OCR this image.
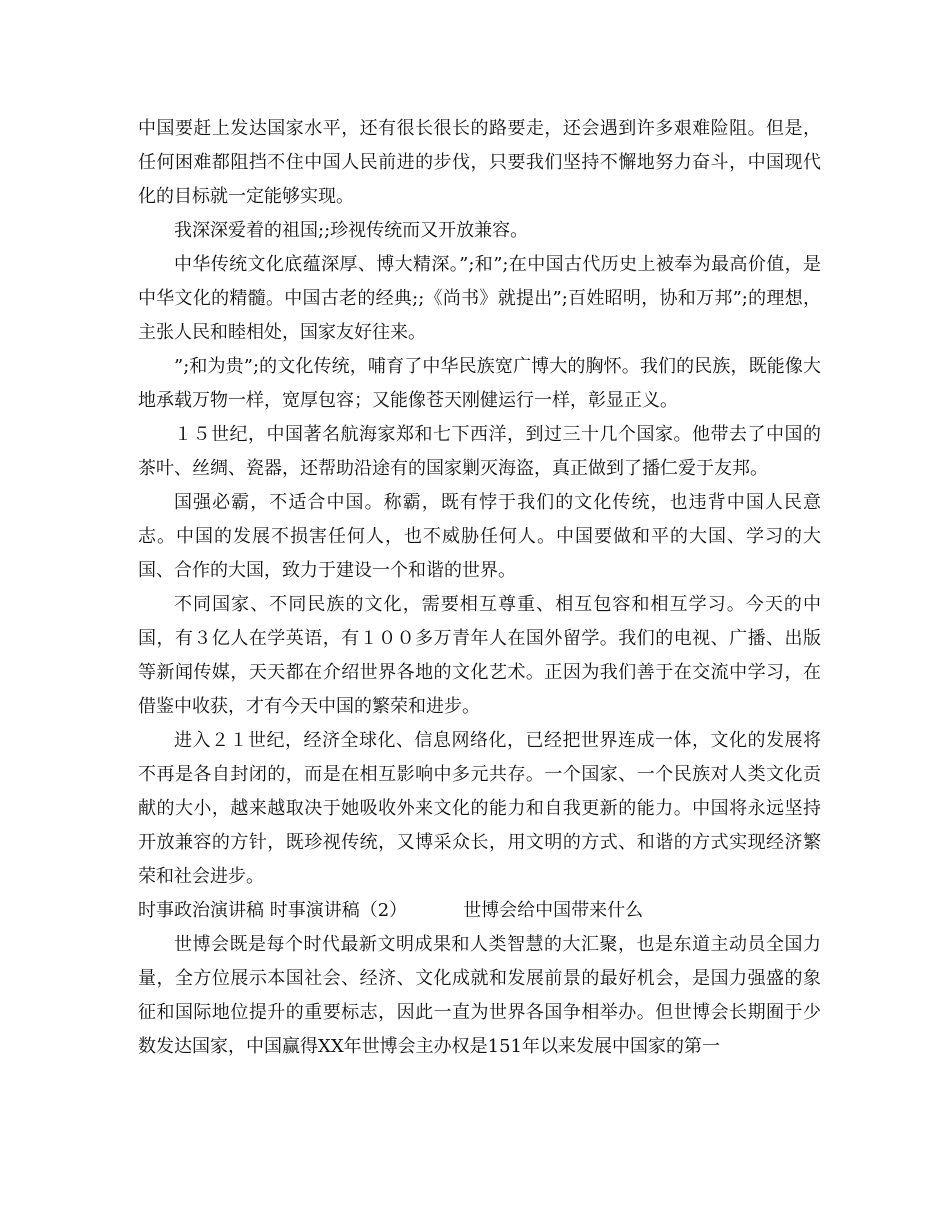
中国要赶上发达国家水平，还有很长很长的路要走，还会遇到许多艰难险阻。但是，任何困难都阻挡不住中国人民前进的步伐，只要我们坚持不懈地努力奋斗，中国现代化的目标就一定能够实现。

我深深爱着的祖国;;珍视传统而又开放兼容。

中华传统文化底蕴深厚、博大精深。”;和”;在中国古代历史上被奉为最高价值，是中华文化的精髓。中国古老的经典;;《尚书》就提出”;百姓昭明，协和万邦”;的理想，主张人民和睦相处，国家友好往来。

”;和为贵”;的文化传统，哺育了中华民族宽广博大的胸怀。我们的民族，既能像大地承载万物一样，宽厚包容；又能像苍天刚健运行一样，彰显正义。

１５世纪，中国著名航海家郑和七下西洋，到过三十几个国家。他带去了中国的茶叶、丝绸、瓷器，还帮助沿途有的国家剿灭海盗，真正做到了播仁爱于友邦。

国强必霸，不适合中国。称霸，既有悖于我们的文化传统，也违背中国人民意志。中国的发展不损害任何人，也不威胁任何人。中国要做和平的大国、学习的大国、合作的大国，致力于建设一个和谐的世界。

不同国家、不同民族的文化，需要相互尊重、相互包容和相互学习。今天的中国，有３亿人在学英语，有１００多万青年人在国外留学。我们的电视、广播、出版等新闻传媒，天天都在介绍世界各地的文化艺术。正因为我们善于在交流中学习，在借鉴中收获，才有今天中国的繁荣和进步。

进入２１世纪，经济全球化、信息网络化，已经把世界连成一体，文化的发展将不再是各自封闭的，而是在相互影响中多元共存。一个国家、一个民族对人类文化贡献的大小，越来越取决于她吸收外来文化的能力和自我更新的能力。中国将永远坚持开放兼容的方针，既珍视传统，又博采众长，用文明的方式、和谐的方式实现经济繁荣和社会进步。

时事政治演讲稿 时事演讲稿（2）	世博会给中国带来什么

世博会既是每个时代最新文明成果和人类智慧的大汇聚，也是东道主动员全国力量，全方位展示本国社会、经济、文化成就和发展前景的最好机会，是国力强盛的象征和国际地位提升的重要标志，因此一直为世界各国争相举办。但世博会长期囿于少数发达国家，中国赢得XX年世博会主办权是151年以来发展中国家的第一
